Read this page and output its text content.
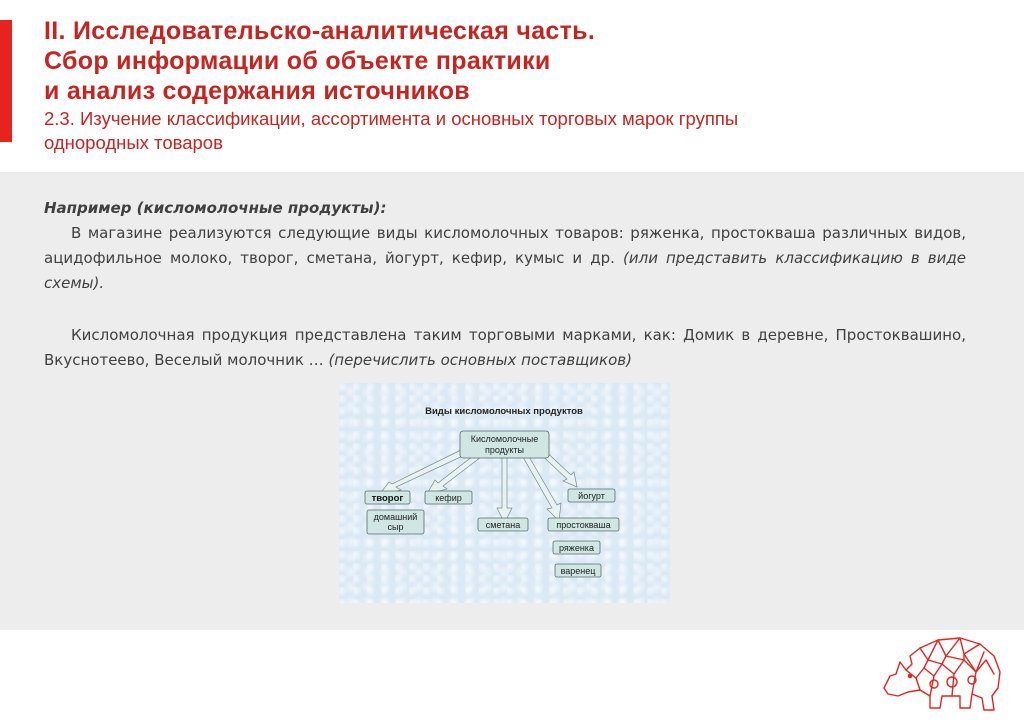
II. Исследовательско-аналитическая часть.
Сбор информации об объекте практики
и анализ содержания источников
2.3. Изучение классификации, ассортимента и основных торговых марок группы
однородных товаров

Например (кисломолочные продукты):

В магазине реализуются следующие виды кисломолочных товаров: ряженка, простокваша различных видов, ацидофильное молоко, творог, сметана, йогурт, кефир, кумыс и др. (или представить классификацию в виде схемы).

Кисломолочная продукция представлена таким торговыми марками, как: Домик в деревне, Простоквашино, Вкуснотеево, Веселый молочник … (перечислить основных поставщиков)

Виды кисломолочных продуктов
Кисломолочные
продукты
творог
домашний
сыр
кефир
сметана
йогурт
простокваша
ряженка
варенец
